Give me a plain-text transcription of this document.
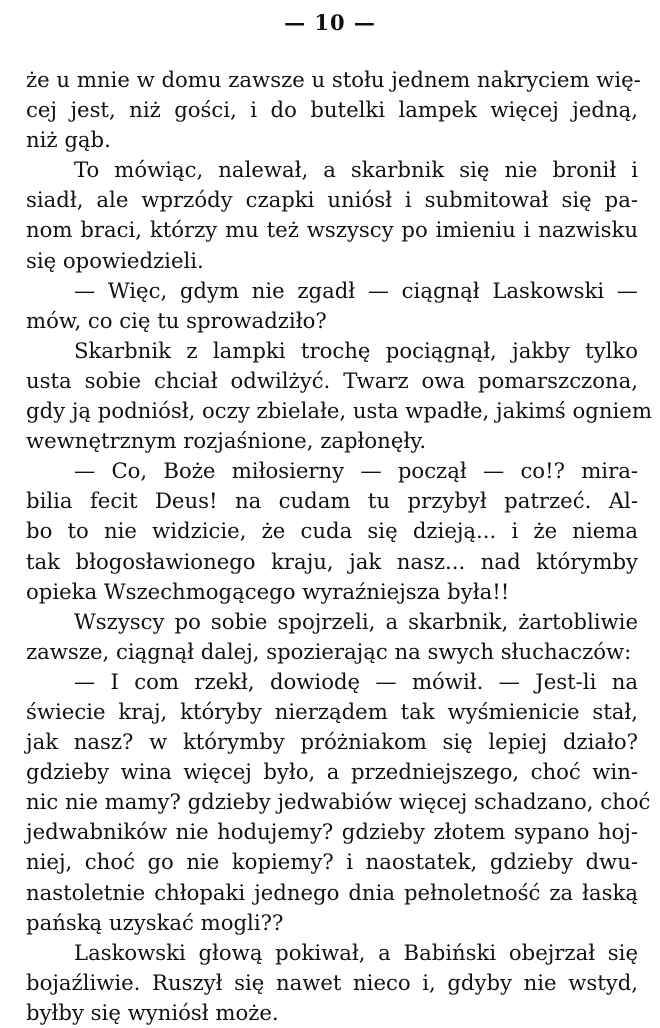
— 10 —
że u mnie w domu zawsze u stołu jednem nakryciem wię-
cej jest, niż gości, i do butelki lampek więcej jedną,
niż gąb.
To mówiąc, nalewał, a skarbnik się nie bronił i
siadł, ale wprzódy czapki uniósł i submitował się pa-
nom braci, którzy mu też wszyscy po imieniu i nazwisku
się opowiedzieli.
— Więc, gdym nie zgadł — ciągnął Laskowski —
mów, co cię tu sprowadziło?
Skarbnik z lampki trochę pociągnął, jakby tylko
usta sobie chciał odwilżyć. Twarz owa pomarszczona,
gdy ją podniósł, oczy zbielałe, usta wpadłe, jakimś ogniem
wewnętrznym rozjaśnione, zapłonęły.
— Co, Boże miłosierny — począł — co!? mira-
bilia fecit Deus! na cudam tu przybył patrzeć. Al-
bo to nie widzicie, że cuda się dzieją... i że niema
tak błogosławionego kraju, jak nasz... nad którymby
opieka Wszechmogącego wyraźniejsza była!!
Wszyscy po sobie spojrzeli, a skarbnik, żartobliwie
zawsze, ciągnął dalej, spozierając na swych słuchaczów:
— I com rzekł, dowiodę — mówił. — Jest-li na
świecie kraj, któryby nierządem tak wyśmienicie stał,
jak nasz? w którymby próżniakom się lepiej działo?
gdzieby wina więcej było, a przedniejszego, choć win-
nic nie mamy? gdzieby jedwabiów więcej schadzano, choć
jedwabników nie hodujemy? gdzieby złotem sypano hoj-
niej, choć go nie kopiemy? i naostatek, gdzieby dwu-
nastoletnie chłopaki jednego dnia pełnoletność za łaską
pańską uzyskać mogli??
Laskowski głową pokiwał, a Babiński obejrzał się
bojaźliwie. Ruszył się nawet nieco i, gdyby nie wstyd,
byłby się wyniósł może.
